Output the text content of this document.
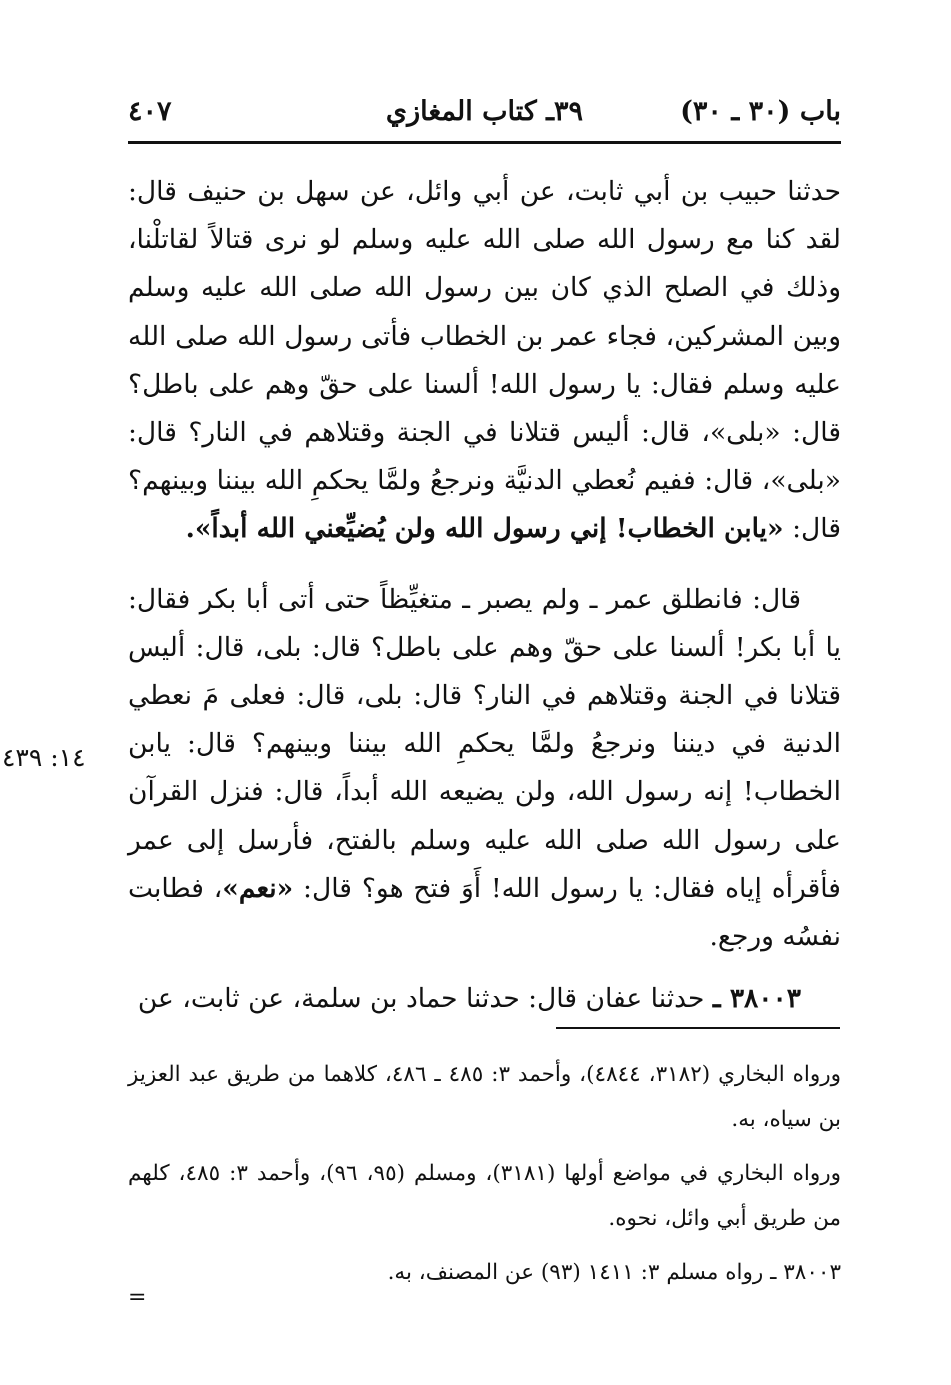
باب (٣٠ ـ ٣٠)
٣٩ـ كتاب المغازي
٤٠٧

حدثنا حبيب بن أبي ثابت، عن أبي وائل، عن سهل بن حنيف قال: لقد كنا مع رسول الله صلى الله عليه وسلم لو نرى قتالاً لقاتلْنا، وذلك في الصلح الذي كان بين رسول الله صلى الله عليه وسلم وبين المشركين، فجاء عمر بن الخطاب فأتى رسول الله صلى الله عليه وسلم فقال: يا رسول الله! ألسنا على حقّ وهم على باطل؟ قال: «بلى»، قال: أليس قتلانا في الجنة وقتلاهم في النار؟ قال: «بلى»، قال: ففيم نُعطي الدنيَّة ونرجعُ ولمَّا يحكمِ الله بيننا وبينهم؟ قال: «يابن الخطاب! إني رسول الله ولن يُضيِّعني الله أبداً».

قال: فانطلق عمر ـ ولم يصبر ـ متغيِّظاً حتى أتى أبا بكر فقال: يا أبا بكر! ألسنا على حقّ وهم على باطل؟ قال: بلى، قال: أليس قتلانا في الجنة وقتلاهم في النار؟ قال: بلى، قال: فعلى مَ نعطي الدنية في ديننا ونرجعُ ولمَّا يحكمِ الله بيننا وبينهم؟ قال: يابن الخطاب! إنه رسول الله، ولن يضيعه الله أبداً، قال: فنزل القرآن على رسول الله صلى الله عليه وسلم بالفتح، فأرسل إلى عمر فأقرأه إياه فقال: يا رسول الله! أَوَ فتح هو؟ قال: «نعم»، فطابت نفسُه ورجع.

٣٨٠٠٣ ـ حدثنا عفان قال: حدثنا حماد بن سلمة، عن ثابت، عن

١٤: ٤٣٩

ورواه البخاري (٣١٨٢، ٤٨٤٤)، وأحمد ٣: ٤٨٥ ـ ٤٨٦، كلاهما من طريق عبد العزيز بن سياه، به.

ورواه البخاري في مواضع أولها (٣١٨١)، ومسلم (٩٥، ٩٦)، وأحمد ٣: ٤٨٥، كلهم من طريق أبي وائل، نحوه.

٣٨٠٠٣ ـ رواه مسلم ٣: ١٤١١ (٩٣) عن المصنف، به.

=
